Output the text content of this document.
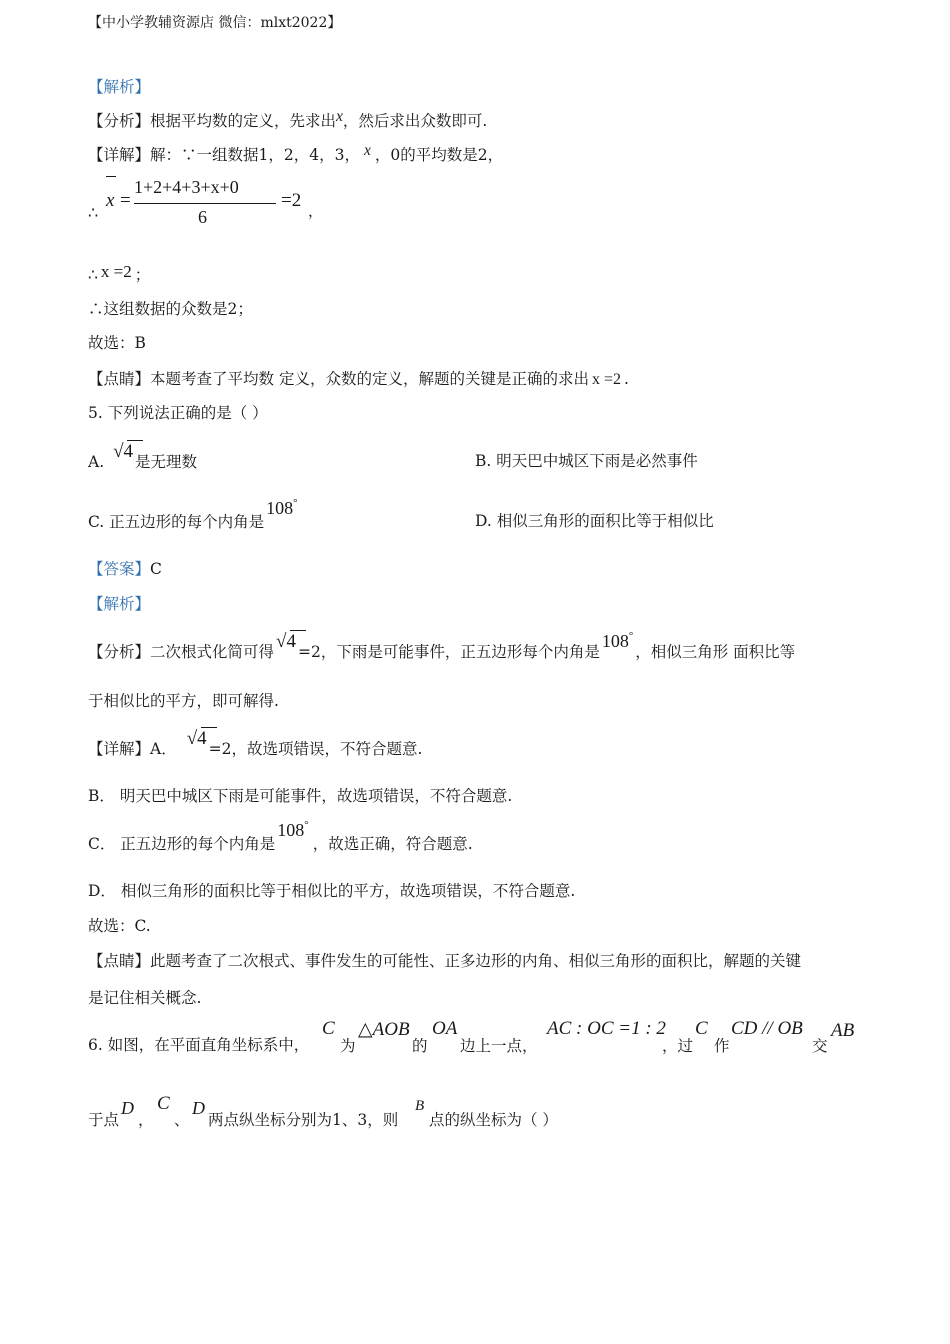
【中小学教辅资源店 微信：mlxt2022】
【解析】
【分析】根据平均数的定义，先求出x，然后求出众数即可.
【详解】解：∵一组数据1，2，4，3， x ，0的平均数是2，
∴
x =
1+2+4+3+x+0
6
=2 ，
∴ x =2 ；
∴这组数据的众数是2；
故选：B
【点睛】本题考查了平均数 定义，众数的定义，解题的关键是正确的求出 x =2 .
5. 下列说法正确的是（ ）
A. √
4 是无理数	B. 明天巴中城区下雨是必然事件
C. 正五边形的每个内角是108°
D. 相似三角形的面积比等于相似比
【答案】C
【解析】
【分析】二次根式化简可得 √
4 =2，下雨是可能事件，正五边形每个内角是108°，相似三角形 面积比等
于相似比的平方，即可解得.
【详解】A． √
4 =2，故选项错误，不符合题意.
B． 明天巴中城区下雨是可能事件，故选项错误，不符合题意.
C． 正五边形的每个内角是108°，故选正确，符合题意.
D． 相似三角形的面积比等于相似比的平方，故选项错误，不符合题意.
故选：C.
【点睛】此题考查了二次根式、事件发生的可能性、正多边形的内角、相似三角形的面积比，解题的关键
是记住相关概念.
6. 如图，在平面直角坐标系中，
C
为
△AOB
的
OA
边上一点，
AC : OC =1 : 2
，过
C
作
CD // OB
交
AB
于点
D
，
C
、
D
两点纵坐标分别为1、3，则
B
点的纵坐标为（ ）
